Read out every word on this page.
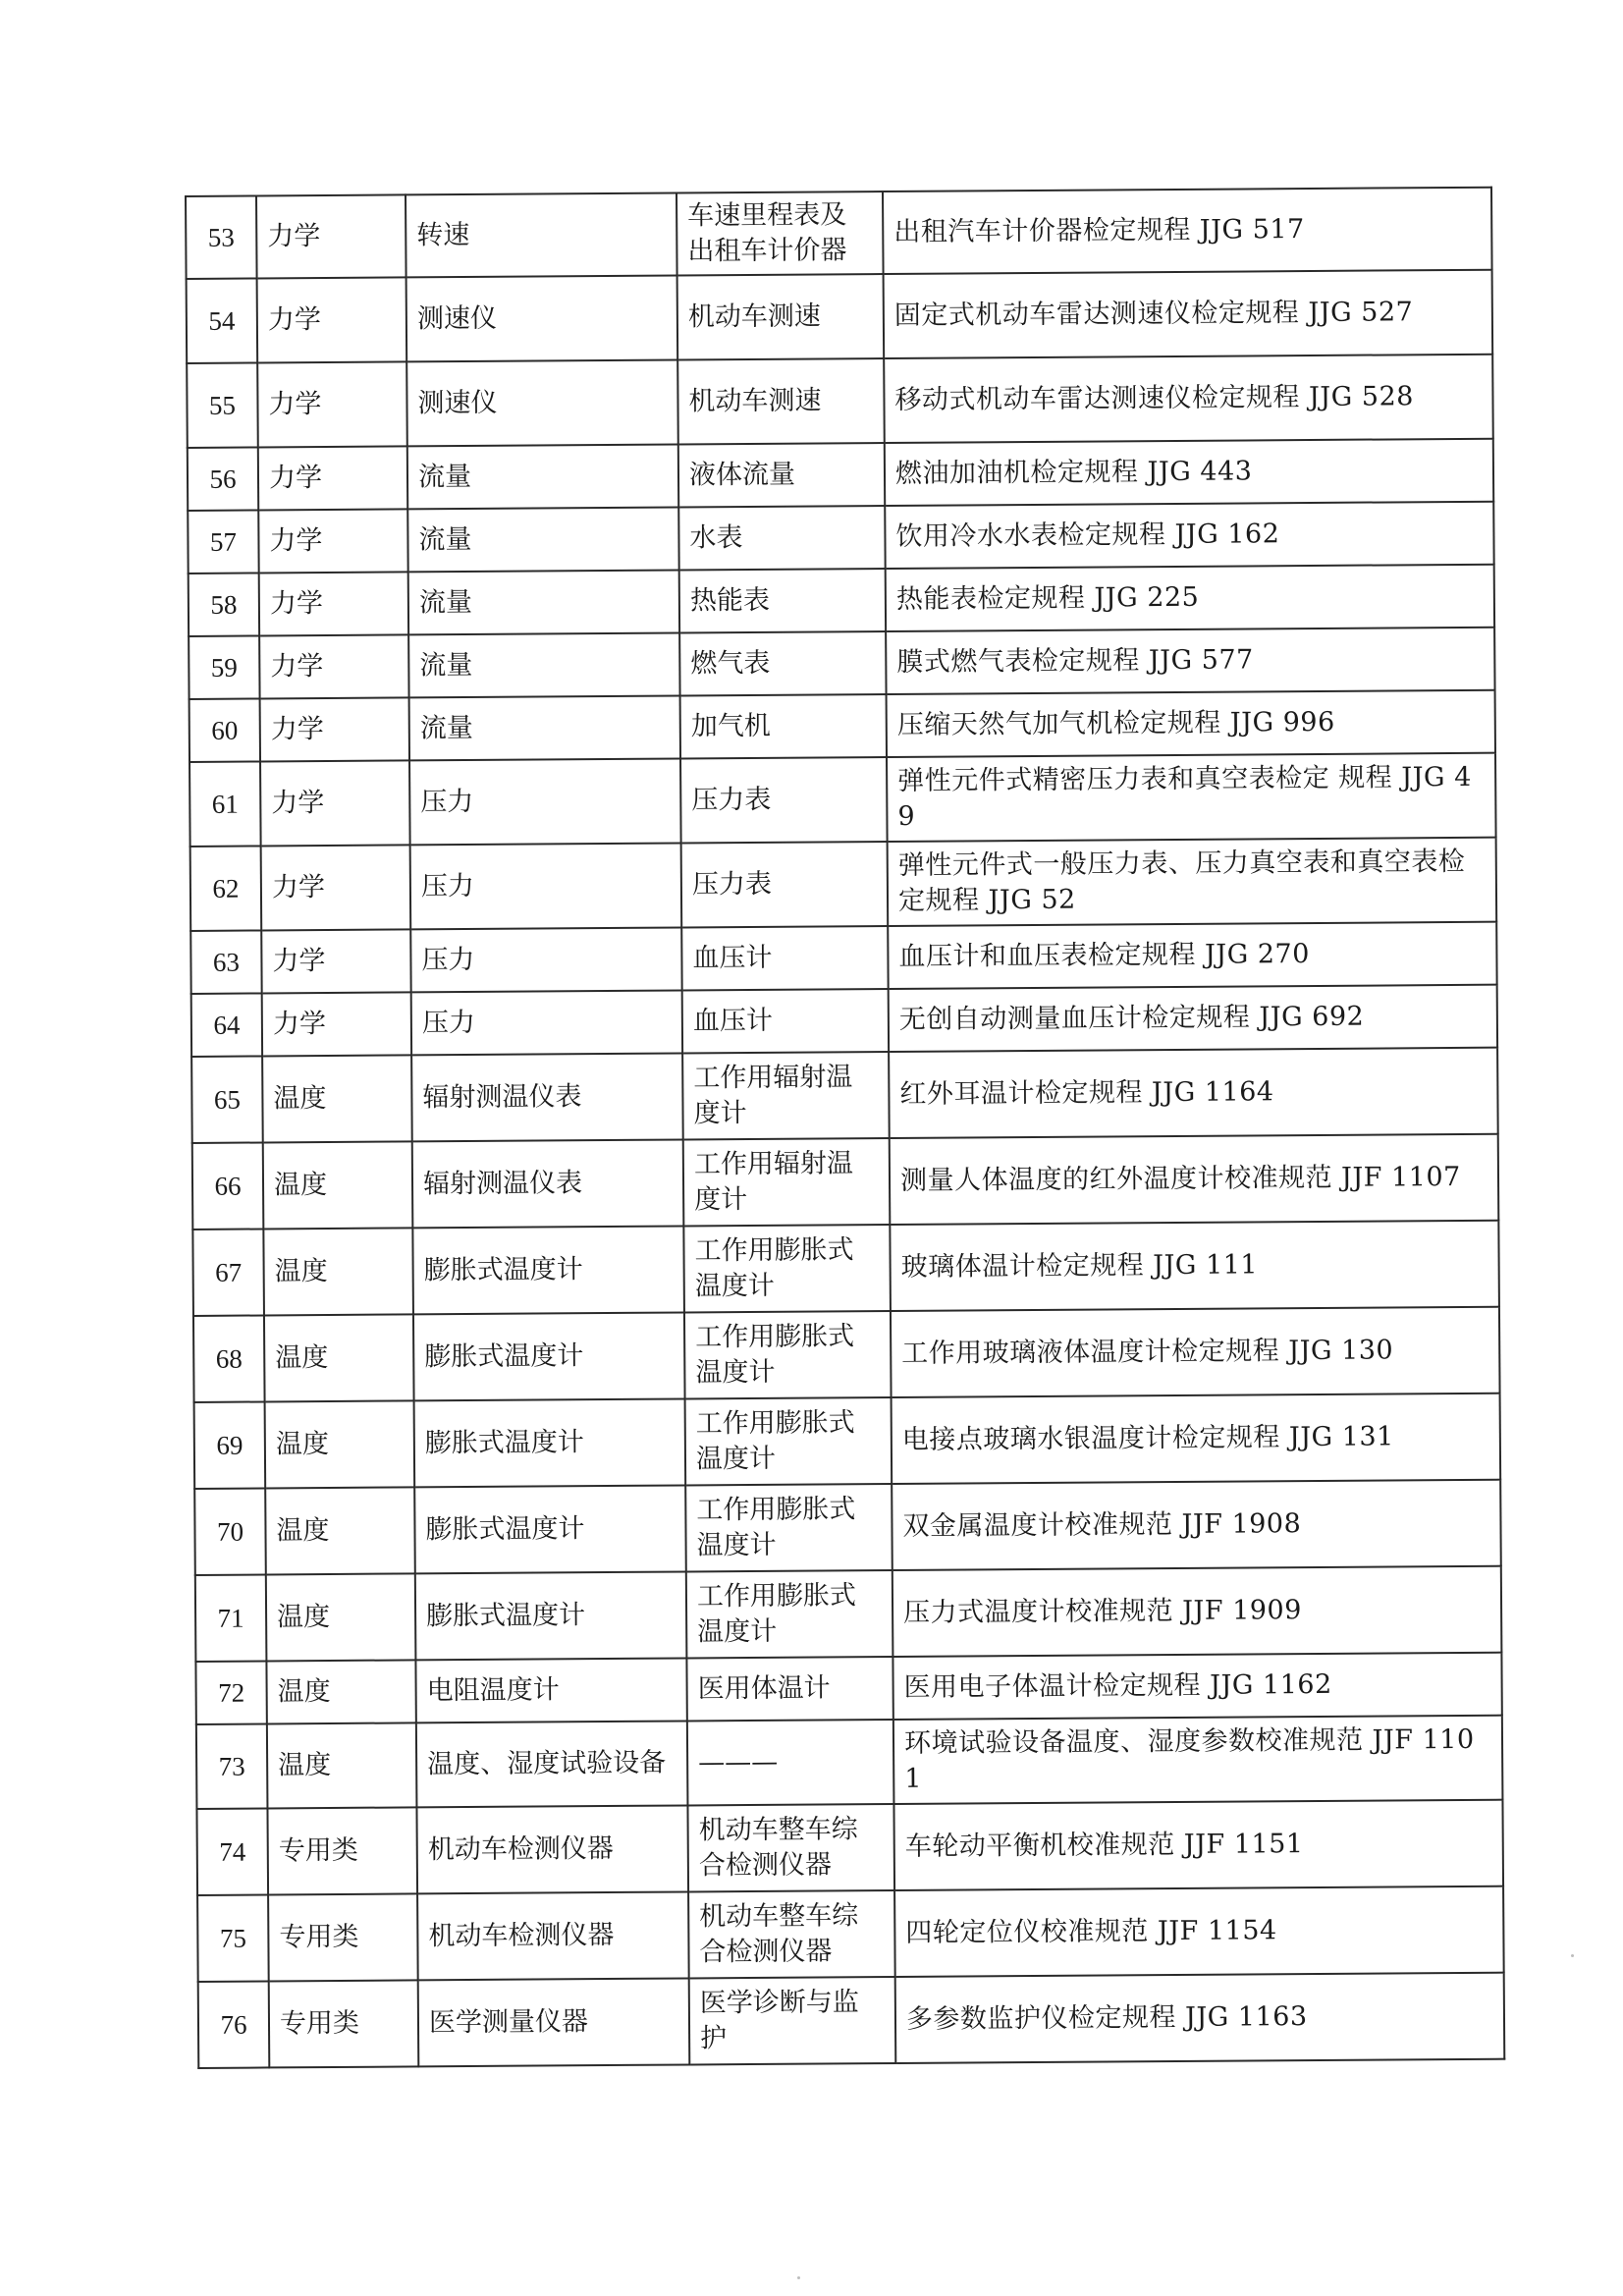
53	力学	转速	车速里程表及出租车计价器	出租汽车计价器检定规程 JJG 517
54	力学	测速仪	机动车测速	固定式机动车雷达测速仪检定规程 JJG 527
55	力学	测速仪	机动车测速	移动式机动车雷达测速仪检定规程 JJG 528
56	力学	流量	液体流量	燃油加油机检定规程 JJG 443
57	力学	流量	水表	饮用冷水水表检定规程 JJG 162
58	力学	流量	热能表	热能表检定规程 JJG 225
59	力学	流量	燃气表	膜式燃气表检定规程 JJG 577
60	力学	流量	加气机	压缩天然气加气机检定规程 JJG 996
61	力学	压力	压力表	弹性元件式精密压力表和真空表检定 规程 JJG 49
62	力学	压力	压力表	弹性元件式一般压力表、压力真空表和真空表检定规程 JJG 52
63	力学	压力	血压计	血压计和血压表检定规程 JJG 270
64	力学	压力	血压计	无创自动测量血压计检定规程 JJG 692
65	温度	辐射测温仪表	工作用辐射温度计	红外耳温计检定规程 JJG 1164
66	温度	辐射测温仪表	工作用辐射温度计	测量人体温度的红外温度计校准规范 JJF 1107
67	温度	膨胀式温度计	工作用膨胀式温度计	玻璃体温计检定规程 JJG 111
68	温度	膨胀式温度计	工作用膨胀式温度计	工作用玻璃液体温度计检定规程 JJG 130
69	温度	膨胀式温度计	工作用膨胀式温度计	电接点玻璃水银温度计检定规程 JJG 131
70	温度	膨胀式温度计	工作用膨胀式温度计	双金属温度计校准规范 JJF 1908
71	温度	膨胀式温度计	工作用膨胀式温度计	压力式温度计校准规范 JJF 1909
72	温度	电阻温度计	医用体温计	医用电子体温计检定规程 JJG 1162
73	温度	温度、湿度试验设备	———	环境试验设备温度、湿度参数校准规范 JJF 1101
74	专用类	机动车检测仪器	机动车整车综合检测仪器	车轮动平衡机校准规范 JJF 1151
75	专用类	机动车检测仪器	机动车整车综合检测仪器	四轮定位仪校准规范 JJF 1154
76	专用类	医学测量仪器	医学诊断与监护	多参数监护仪检定规程 JJG 1163
